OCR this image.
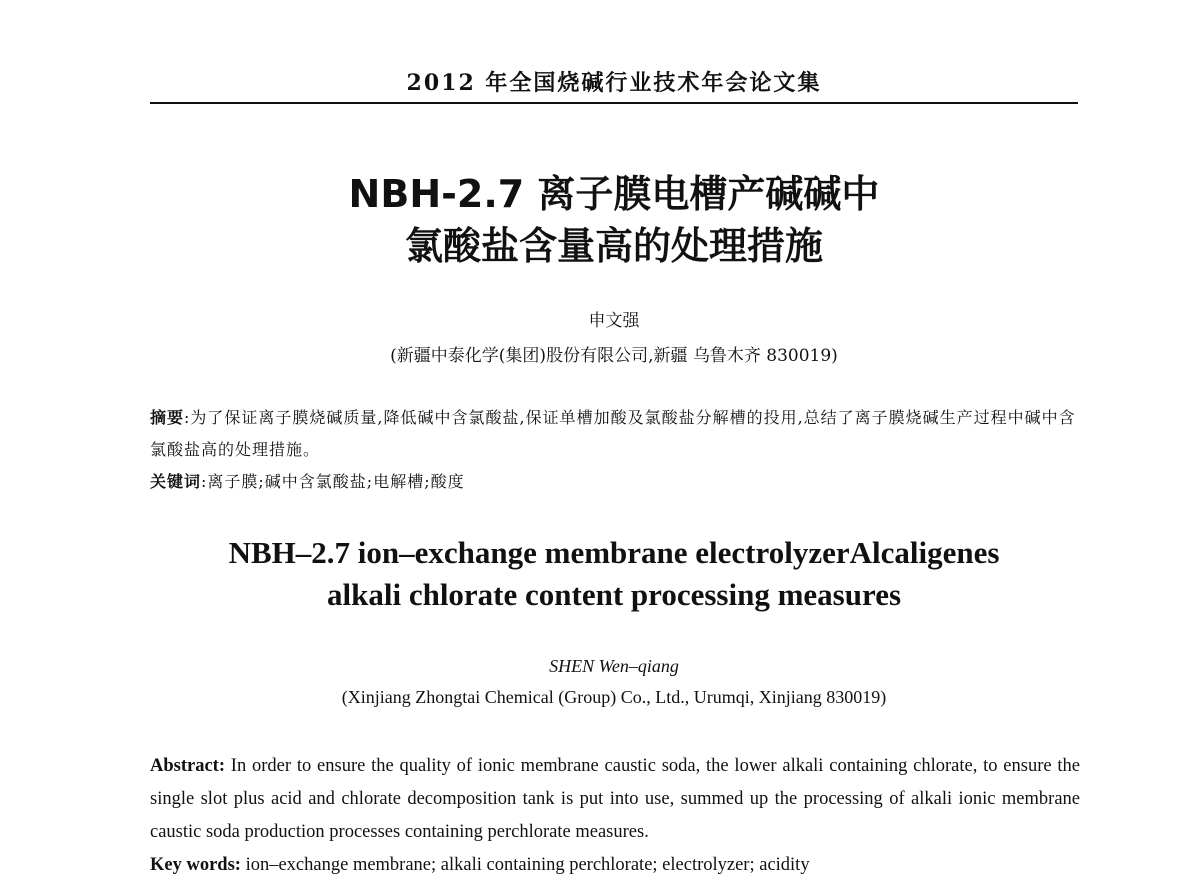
2012 年全国烧碱行业技术年会论文集
NBH-2.7 离子膜电槽产碱碱中
氯酸盐含量高的处理措施
申文强
(新疆中泰化学(集团)股份有限公司,新疆 乌鲁木齐 830019)

摘要:为了保证离子膜烧碱质量,降低碱中含氯酸盐,保证单槽加酸及氯酸盐分解槽的投用,总结了离子膜烧碱生产过程中碱中含氯酸盐高的处理措施。

关键词:离子膜;碱中含氯酸盐;电解槽;酸度

NBH–2.7 ion–exchange membrane electrolyzerAlcaligenes
alkali chlorate content processing measures
SHEN Wen–qiang
(Xinjiang Zhongtai Chemical (Group) Co., Ltd., Urumqi, Xinjiang 830019)

Abstract: In order to ensure the quality of ionic membrane caustic soda, the lower alkali containing chlorate, to ensure the single slot plus acid and chlorate decomposition tank is put into use, summed up the processing of alkali ionic membrane caustic soda production processes containing perchlorate measures.

Key words: ion–exchange membrane; alkali containing perchlorate; electrolyzer; acidity
